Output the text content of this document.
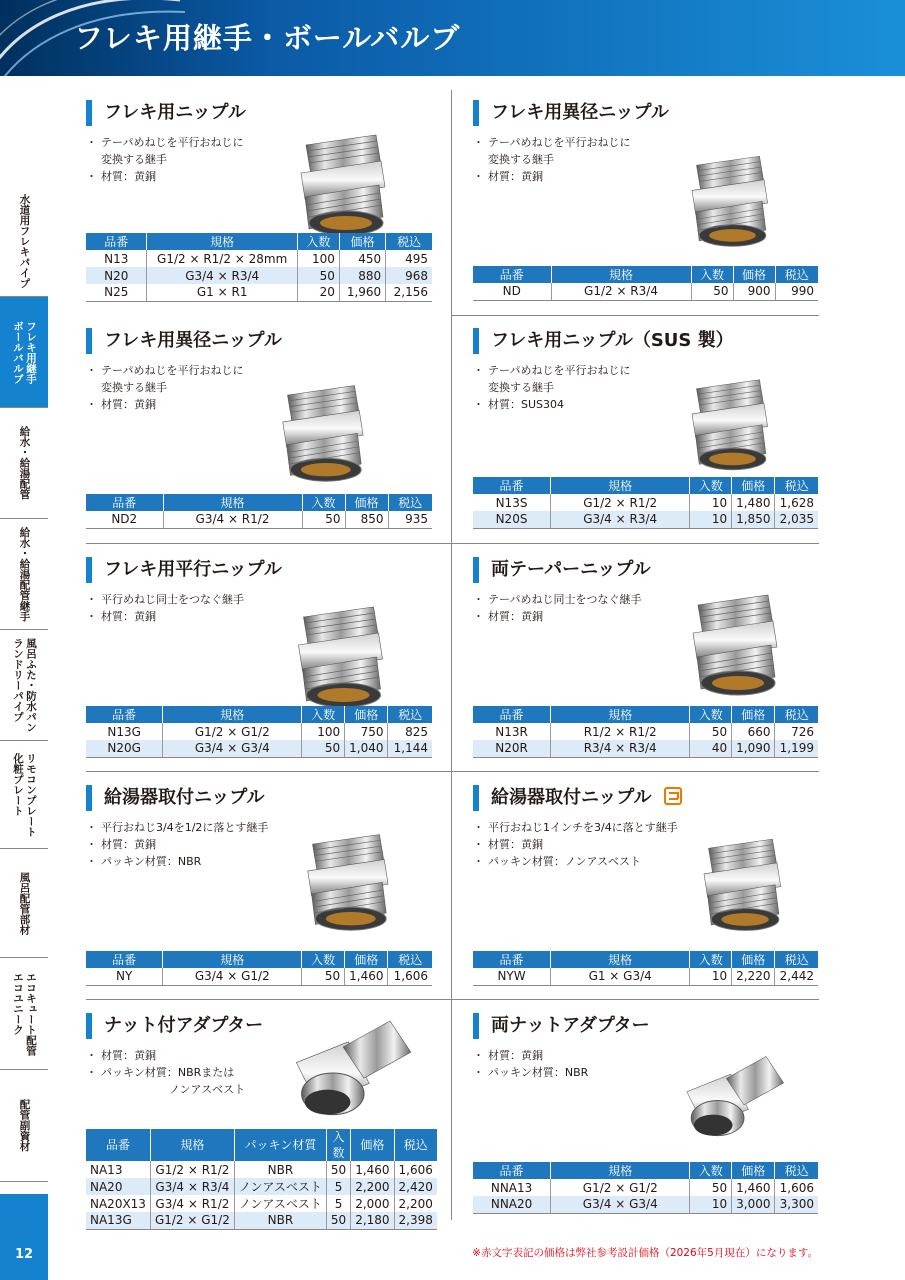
フレキ用継手・ボールバルブ
水道用フレキパイプ
フレキ用継手
ボールバルブ
給水・給湯配管
給水・給湯配管継手
風呂ふた・防水パン
ランドリーパイプ
リモコンプレート
化粧プレート
風呂配管部材
エコキュート配管
エコユニーク
配管副資材
12
フレキ用ニップル
・ テーパめねじを平行おねじに
変換する継手
・ 材質：黄銅
品番	規格	入数	価格	税込
N13	G1/2 × R1/2 × 28mm	100	450	495
N20	G3/4 × R3/4	50	880	968
N25	G1 × R1	20	1,960	2,156
フレキ用異径ニップル
・ テーパめねじを平行おねじに
変換する継手
・ 材質：黄銅
品番	規格	入数	価格	税込
ND	G1/2 × R3/4	50	900	990
フレキ用異径ニップル
・ テーパめねじを平行おねじに
変換する継手
・ 材質：黄銅
品番	規格	入数	価格	税込
ND2	G3/4 × R1/2	50	850	935
フレキ用ニップル（SUS 製）
・ テーパめねじを平行おねじに
変換する継手
・ 材質：SUS304
品番	規格	入数	価格	税込
N13S	G1/2 × R1/2	10	1,480	1,628
N20S	G3/4 × R3/4	10	1,850	2,035
フレキ用平行ニップル
・ 平行めねじ同士をつなぐ継手
・ 材質：黄銅
品番	規格	入数	価格	税込
N13G	G1/2 × G1/2	100	750	825
N20G	G3/4 × G3/4	50	1,040	1,144
両テーパーニップル
・ テーパめねじ同士をつなぐ継手
・ 材質：黄銅
品番	規格	入数	価格	税込
N13R	R1/2 × R1/2	50	660	726
N20R	R3/4 × R3/4	40	1,090	1,199
給湯器取付ニップル
・ 平行おねじ3/4を1/2に落とす継手
・ 材質：黄銅
・ パッキン材質：NBR
品番	規格	入数	価格	税込
NY	G3/4 × G1/2	50	1,460	1,606
給湯器取付ニップル
・ 平行おねじ1インチを3/4に落とす継手
・ 材質：黄銅
・ パッキン材質：ノンアスベスト
品番	規格	入数	価格	税込
NYW	G1 × G3/4	10	2,220	2,442
ナット付アダプター
・ 材質：黄銅
・ パッキン材質：NBRまたは
ノンアスベスト
品番	規格	パッキン材質	入数	価格	税込
NA13	G1/2 × R1/2	NBR	50	1,460	1,606
NA20	G3/4 × R3/4	ノンアスベスト	5	2,200	2,420
NA20X13	G3/4 × R1/2	ノンアスベスト	5	2,000	2,200
NA13G	G1/2 × G1/2	NBR	50	2,180	2,398
両ナットアダプター
・ 材質：黄銅
・ パッキン材質：NBR
品番	規格	入数	価格	税込
NNA13	G1/2 × G1/2	50	1,460	1,606
NNA20	G3/4 × G3/4	10	3,000	3,300
※赤文字表記の価格は弊社参考設計価格（2026年5月現在）になります。
